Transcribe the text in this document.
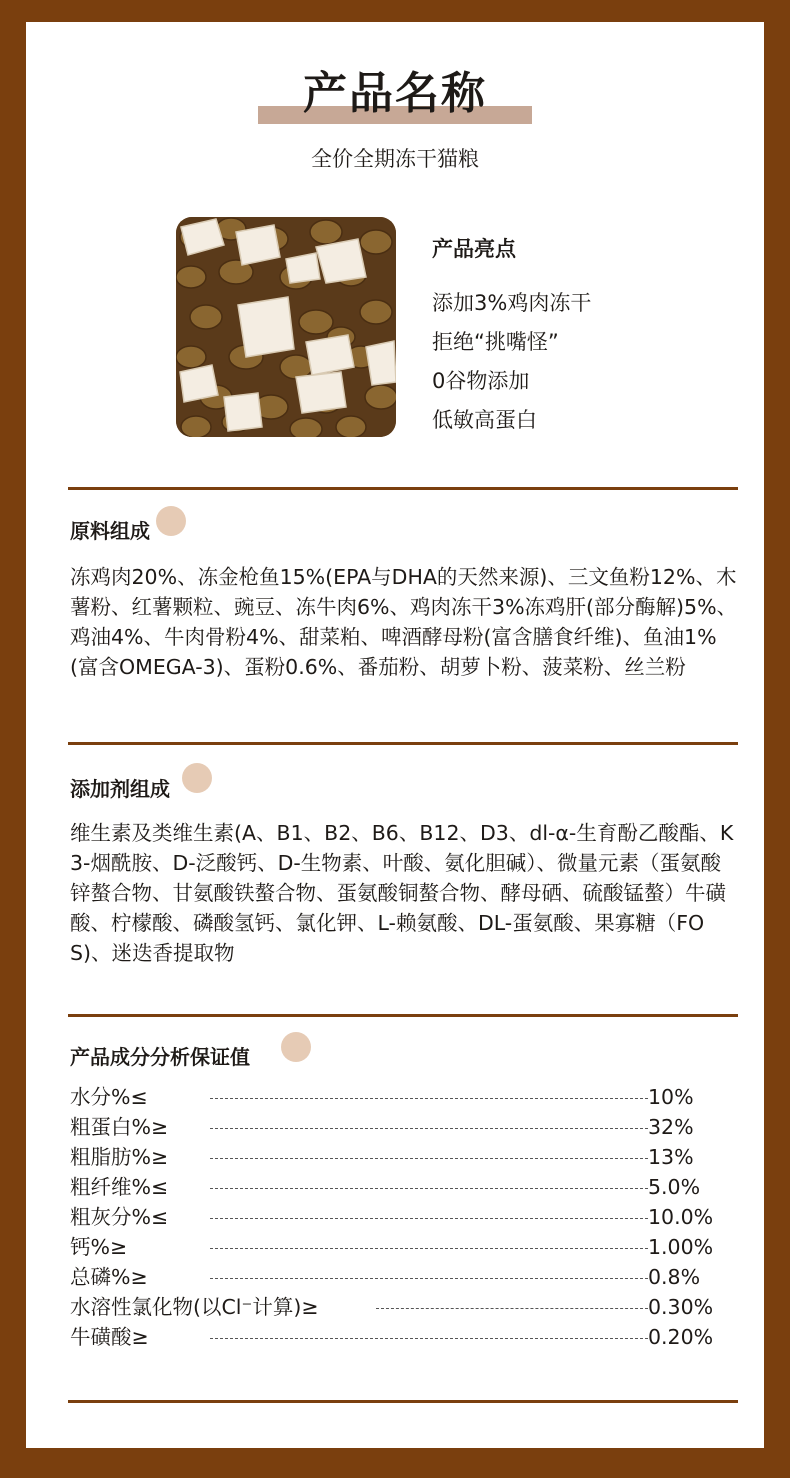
产品名称
全价全期冻干猫粮
产品亮点
添加3%鸡肉冻干
拒绝“挑嘴怪”
0谷物添加
低敏高蛋白
原料组成
冻鸡肉20%、冻金枪鱼15%(EPA与DHA的天然来源)、三文鱼粉12%、木薯粉、红薯颗粒、豌豆、冻牛肉6%、鸡肉冻干3%冻鸡肝(部分酶解)5%、鸡油4%、牛肉骨粉4%、甜菜粕、啤酒酵母粉(富含膳食纤维)、鱼油1%(富含OMEGA-3)、蛋粉0.6%、番茄粉、胡萝卜粉、菠菜粉、丝兰粉
添加剂组成
维生素及类维生素(A、B1、B2、B6、B12、D3、dl-α-生育酚乙酸酯、K3-烟酰胺、D-泛酸钙、D-生物素、叶酸、氨化胆碱）、微量元素（蛋氨酸锌螯合物、甘氨酸铁螯合物、蛋氨酸铜螯合物、酵母硒、硫酸锰螯）牛磺酸、柠檬酸、磷酸氢钙、氯化钾、L-赖氨酸、DL-蛋氨酸、果寡糖（FOS)、迷迭香提取物
产品成分分析保证值
水分%≤	10%
粗蛋白%≥	32%
粗脂肪%≥	13%
粗纤维%≤	5.0%
粗灰分%≤	10.0%
钙%≥	1.00%
总磷%≥	0.8%
水溶性氯化物(以Cl⁻计算)≥	0.30%
牛磺酸≥	0.20%
